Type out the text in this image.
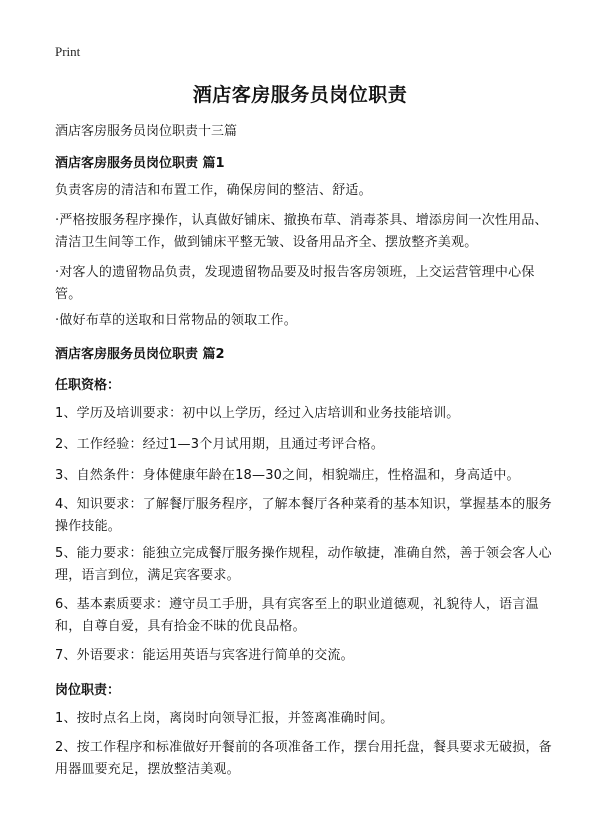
Print
酒店客房服务员岗位职责
酒店客房服务员岗位职责十三篇
酒店客房服务员岗位职责 篇1
负责客房的清洁和布置工作，确保房间的整洁、舒适。
·严格按服务程序操作，认真做好铺床、撤换布草、消毒茶具、增添房间一次性用品、清洁卫生间等工作，做到铺床平整无皱、设备用品齐全、摆放整齐美观。
·对客人的遗留物品负责，发现遗留物品要及时报告客房领班，上交运营管理中心保管。
·做好布草的送取和日常物品的领取工作。
酒店客房服务员岗位职责 篇2
任职资格：
1、学历及培训要求：初中以上学历，经过入店培训和业务技能培训。
2、工作经验：经过1—3个月试用期，且通过考评合格。
3、自然条件：身体健康年龄在18—30之间，相貌端庄，性格温和，身高适中。
4、知识要求：了解餐厅服务程序，了解本餐厅各种菜肴的基本知识，掌握基本的服务操作技能。
5、能力要求：能独立完成餐厅服务操作规程，动作敏捷，准确自然，善于领会客人心理，语言到位，满足宾客要求。
6、基本素质要求：遵守员工手册，具有宾客至上的职业道德观，礼貌待人，语言温和，自尊自爱，具有拾金不昧的优良品格。
7、外语要求：能运用英语与宾客进行简单的交流。
岗位职责：
1、按时点名上岗，离岗时向领导汇报，并签离准确时间。
2、按工作程序和标准做好开餐前的各项准备工作，摆台用托盘，餐具要求无破损，备用器皿要充足，摆放整洁美观。
